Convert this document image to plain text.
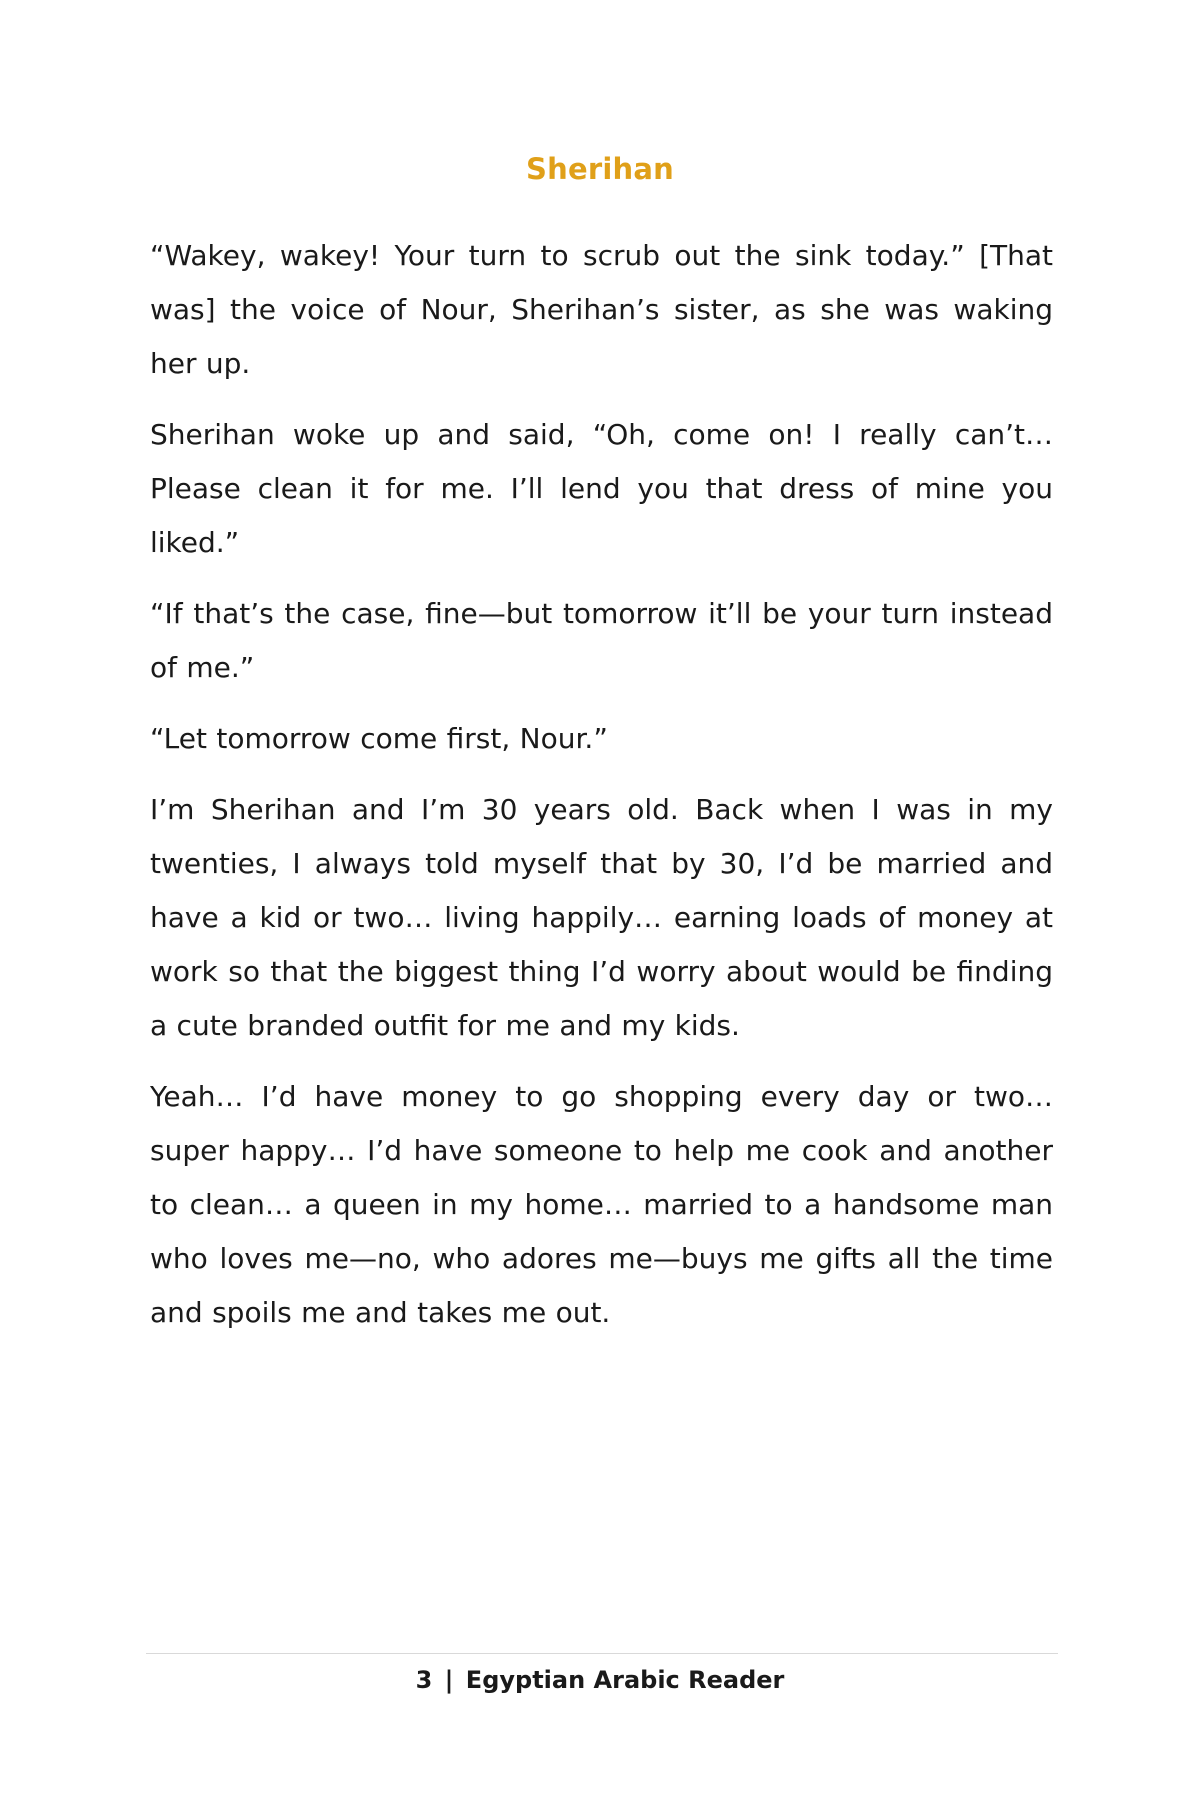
Sherihan

“Wakey, wakey! Your turn to scrub out the sink today.” [That was] the voice of Nour, Sherihan’s sister, as she was waking her up.

Sherihan woke up and said, “Oh, come on! I really can’t… Please clean it for me. I’ll lend you that dress of mine you liked.”

“If that’s the case, fine—but tomorrow it’ll be your turn instead of me.”

“Let tomorrow come first, Nour.”

I’m Sherihan and I’m 30 years old. Back when I was in my twenties, I always told myself that by 30, I’d be married and have a kid or two… living happily… earning loads of money at work so that the biggest thing I’d worry about would be finding a cute branded outfit for me and my kids.

Yeah… I’d have money to go shopping every day or two… super happy… I’d have someone to help me cook and another to clean… a queen in my home… married to a handsome man who loves me—no, who adores me—buys me gifts all the time and spoils me and takes me out.

3 | Egyptian Arabic Reader
